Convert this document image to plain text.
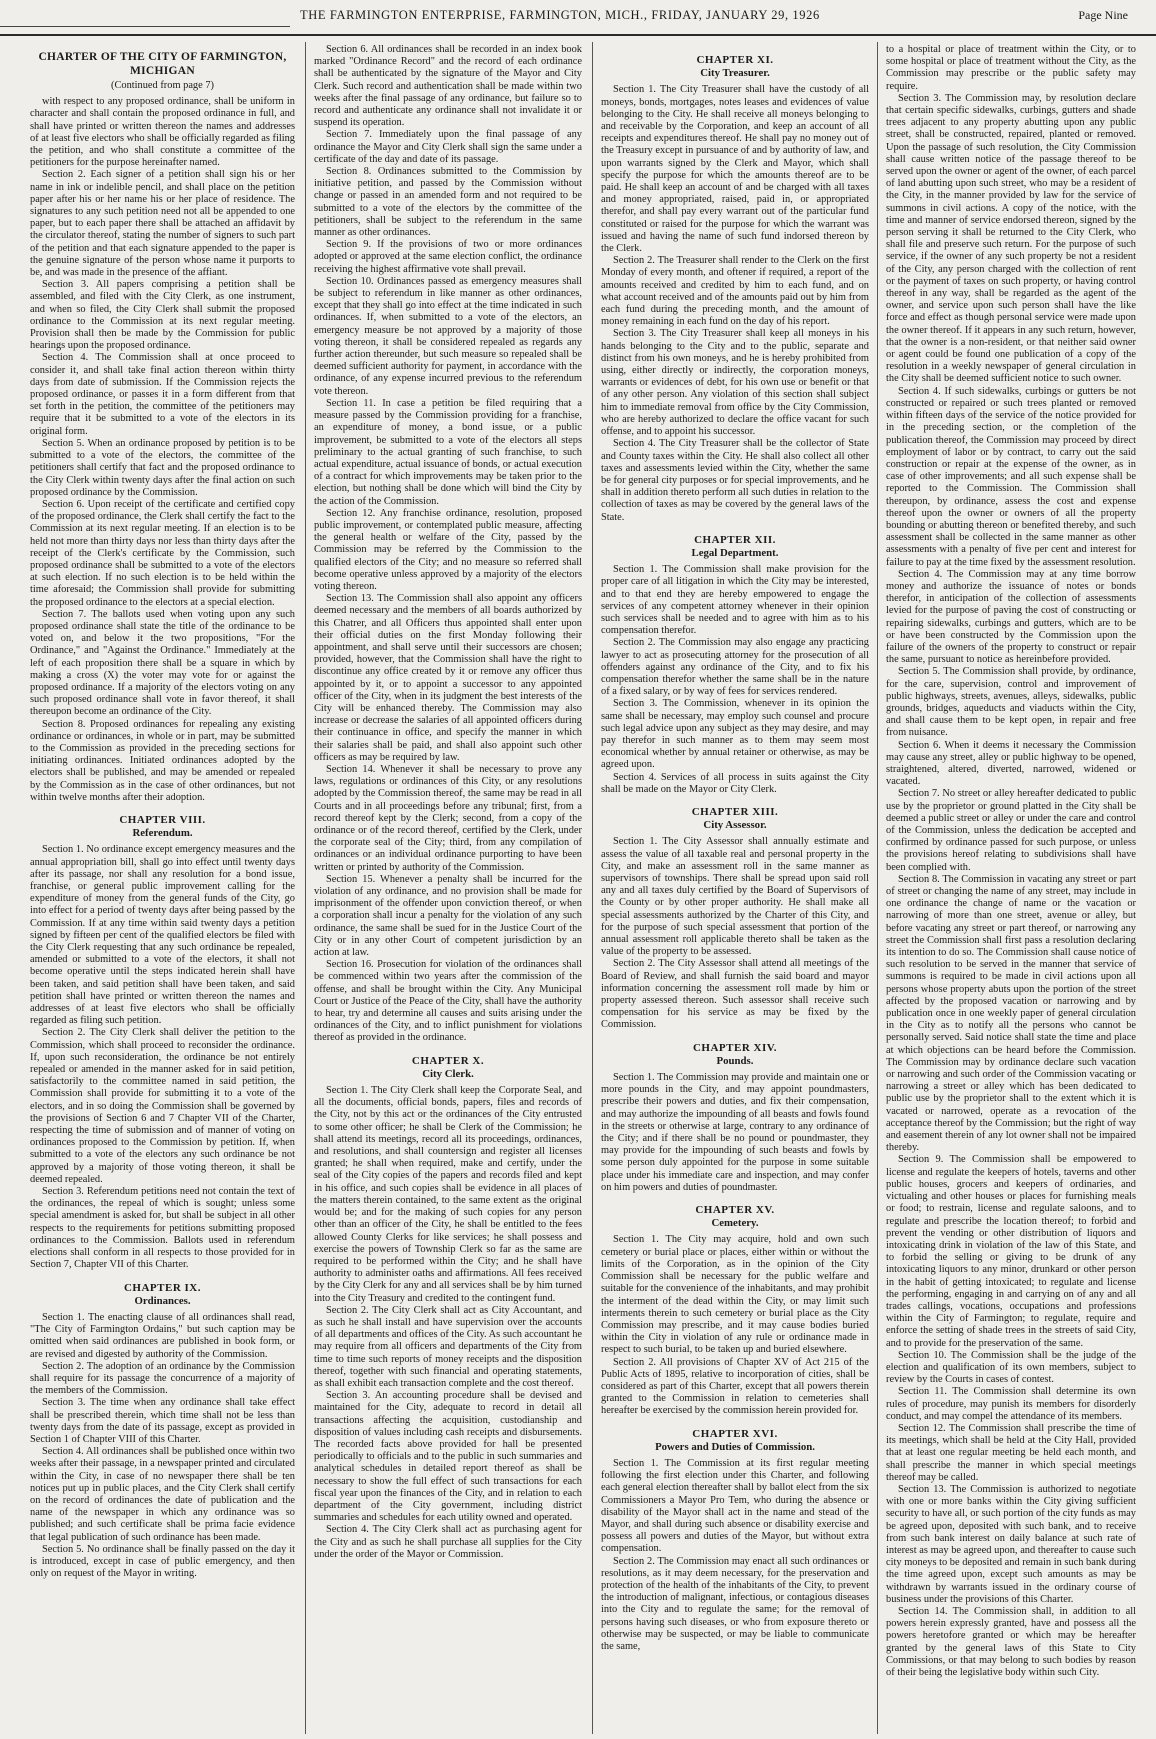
THE FARMINGTON ENTERPRISE, FARMINGTON, MICH., FRIDAY, JANUARY 29, 1926	Page Nine
CHARTER OF THE CITY OF FARMINGTON, MICHIGAN
(Continued from page 7)

with respect to any proposed ordinance, shall be uniform in character and shall contain the proposed ordinance in full, and shall have printed or written thereon the names and addresses of at least five electors who shall be officially regarded as filing the petition, and who shall constitute a committee of the petitioners for the purpose hereinafter named.

Section 2. Each signer of a petition shall sign his or her name in ink or indelible pencil, and shall place on the petition paper after his or her name his or her place of residence. The signatures to any such petition need not all be appended to one paper, but to each paper there shall be attached an affidavit by the circulator thereof, stating the number of signers to such part of the petition and that each signature appended to the paper is the genuine signature of the person whose name it purports to be, and was made in the presence of the affiant.

Section 3. All papers comprising a petition shall be assembled, and filed with the City Clerk, as one instrument, and when so filed, the City Clerk shall submit the proposed ordinance to the Commission at its next regular meeting. Provision shall then be made by the Commission for public hearings upon the proposed ordinance.

Section 4. The Commission shall at once proceed to consider it, and shall take final action thereon within thirty days from date of submission. If the Commission rejects the proposed ordinance, or passes it in a form different from that set forth in the petition, the committee of the petitioners may require that it be submitted to a vote of the electors in its original form.

Section 5. When an ordinance proposed by petition is to be submitted to a vote of the electors, the committee of the petitioners shall certify that fact and the proposed ordinance to the City Clerk within twenty days after the final action on such proposed ordinance by the Commission.

Section 6. Upon receipt of the certificate and certified copy of the proposed ordinance, the Clerk shall certify the fact to the Commission at its next regular meeting. If an election is to be held not more than thirty days nor less than thirty days after the receipt of the Clerk's certificate by the Commission, such proposed ordinance shall be submitted to a vote of the electors at such election. If no such election is to be held within the time aforesaid; the Commission shall provide for submitting the proposed ordinance to the electors at a special election.

Section 7. The ballots used when voting upon any such proposed ordinance shall state the title of the ordinance to be voted on, and below it the two propositions, "For the Ordinance," and "Against the Ordinance." Immediately at the left of each proposition there shall be a square in which by making a cross (X) the voter may vote for or against the proposed ordinance. If a majority of the electors voting on any such proposed ordinance shall vote in favor thereof, it shall thereupon become an ordinance of the City.

Section 8. Proposed ordinances for repealing any existing ordinance or ordinances, in whole or in part, may be submitted to the Commission as provided in the preceding sections for initiating ordinances. Initiated ordinances adopted by the electors shall be published, and may be amended or repealed by the Commission as in the case of other ordinances, but not within twelve months after their adoption.

CHAPTER VIII.
Referendum.

Section 1. No ordinance except emergency measures and the annual appropriation bill, shall go into effect until twenty days after its passage, nor shall any resolution for a bond issue, franchise, or general public improvement calling for the expenditure of money from the general funds of the City, go into effect for a period of twenty days after being passed by the Commission. If at any time within said twenty days a petition signed by fifteen per cent of the qualified electors be filed with the City Clerk requesting that any such ordinance be repealed, amended or submitted to a vote of the electors, it shall not become operative until the steps indicated herein shall have been taken, and said petition shall have been taken, and said petition shall have printed or written thereon the names and addresses of at least five electors who shall be officially regarded as filing such petition.

Section 2. The City Clerk shall deliver the petition to the Commission, which shall proceed to reconsider the ordinance. If, upon such reconsideration, the ordinance be not entirely repealed or amended in the manner asked for in said petition, satisfactorily to the committee named in said petition, the Commission shall provide for submitting it to a vote of the electors, and in so doing the Commission shall be governed by the provisions of Section 6 and 7 Chapter VII of the Charter, respecting the time of submission and of manner of voting on ordinances proposed to the Commission by petition. If, when submitted to a vote of the electors any such ordinance be not approved by a majority of those voting thereon, it shall be deemed repealed.

Section 3. Referendum petitions need not contain the text of the ordinances, the repeal of which is sought; unless some special amendment is asked for, but shall be subject in all other respects to the requirements for petitions submitting proposed ordinances to the Commission. Ballots used in referendum elections shall conform in all respects to those provided for in Section 7, Chapter VII of this Charter.

CHAPTER IX.
Ordinances.

Section 1. The enacting clause of all ordinances shall read, "The City of Farmington Ordains," but such caption may be omitted when said ordinances are published in book form, or are revised and digested by authority of the Commission.

Section 2. The adoption of an ordinance by the Commission shall require for its passage the concurrence of a majority of the members of the Commission.

Section 3. The time when any ordinance shall take effect shall be prescribed therein, which time shall not be less than twenty days from the date of its passage, except as provided in Section 1 of Chapter VIII of this Charter.

Section 4. All ordinances shall be published once within two weeks after their passage, in a newspaper printed and circulated within the City, in case of no newspaper there shall be ten notices put up in public places, and the City Clerk shall certify on the record of ordinances the date of publication and the name of the newspaper in which any ordinance was so published; and such certificate shall be prima facie evidence that legal publication of such ordinance has been made.

Section 5. No ordinance shall be finally passed on the day it is introduced, except in case of public emergency, and then only on request of the Mayor in writing.

Section 6. All ordinances shall be recorded in an index book marked "Ordinance Record" and the record of each ordinance shall be authenticated by the signature of the Mayor and City Clerk. Such record and authentication shall be made within two weeks after the final passage of any ordinance, but failure so to record and authenticate any ordinance shall not invalidate it or suspend its operation.

Section 7. Immediately upon the final passage of any ordinance the Mayor and City Clerk shall sign the same under a certificate of the day and date of its passage.

Section 8. Ordinances submitted to the Commission by initiative petition, and passed by the Commission without change or passed in an amended form and not required to be submitted to a vote of the electors by the committee of the petitioners, shall be subject to the referendum in the same manner as other ordinances.

Section 9. If the provisions of two or more ordinances adopted or approved at the same election conflict, the ordinance receiving the highest affirmative vote shall prevail.

Section 10. Ordinances passed as emergency measures shall be subject to referendum in like manner as other ordinances, except that they shall go into effect at the time indicated in such ordinances. If, when submitted to a vote of the electors, an emergency measure be not approved by a majority of those voting thereon, it shall be considered repealed as regards any further action thereunder, but such measure so repealed shall be deemed sufficient authority for payment, in accordance with the ordinance, of any expense incurred previous to the referendum vote thereon.

Section 11. In case a petition be filed requiring that a measure passed by the Commission providing for a franchise, an expenditure of money, a bond issue, or a public improvement, be submitted to a vote of the electors all steps preliminary to the actual granting of such franchise, to such actual expenditure, actual issuance of bonds, or actual execution of a contract for which improvements may be taken prior to the election, but nothing shall be done which will bind the City by the action of the Commission.

Section 12. Any franchise ordinance, resolution, proposed public improvement, or contemplated public measure, affecting the general health or welfare of the City, passed by the Commission may be referred by the Commission to the qualified electors of the City; and no measure so referred shall become operative unless approved by a majority of the electors voting thereon.

Section 13. The Commission shall also appoint any officers deemed necessary and the members of all boards authorized by this Chatrer, and all Officers thus appointed shall enter upon their official duties on the first Monday following their appointment, and shall serve until their successors are chosen; provided, however, that the Commission shall have the right to discontinue any office created by it or remove any officer thus appointed by it, or to appoint a successor to any appointed officer of the City, when in its judgment the best interests of the City will be enhanced thereby. The Commission may also increase or decrease the salaries of all appointed officers during their continuance in office, and specify the manner in which their salaries shall be paid, and shall also appoint such other officers as may be required by law.

Section 14. Whenever it shall be necessary to prove any laws, regulations or ordinances of this City, or any resolutions adopted by the Commission thereof, the same may be read in all Courts and in all proceedings before any tribunal; first, from a record thereof kept by the Clerk; second, from a copy of the ordinance or of the record thereof, certified by the Clerk, under the corporate seal of the City; third, from any compilation of ordinances or an individual ordinance purporting to have been written or printed by authority of the Commission.

Section 15. Whenever a penalty shall be incurred for the violation of any ordinance, and no provision shall be made for imprisonment of the offender upon conviction thereof, or when a corporation shall incur a penalty for the violation of any such ordinance, the same shall be sued for in the Justice Court of the City or in any other Court of competent jurisdiction by an action at law.

Section 16. Prosecution for violation of the ordinances shall be commenced within two years after the commission of the offense, and shall be brought within the City. Any Municipal Court or Justice of the Peace of the City, shall have the authority to hear, try and determine all causes and suits arising under the ordinances of the City, and to inflict punishment for violations thereof as provided in the ordinance.

CHAPTER X.
City Clerk.

Section 1. The City Clerk shall keep the Corporate Seal, and all the documents, official bonds, papers, files and records of the City, not by this act or the ordinances of the City entrusted to some other officer; he shall be Clerk of the Commission; he shall attend its meetings, record all its proceedings, ordinances, and resolutions, and shall countersign and register all licenses granted; he shall when required, make and certify, under the seal of the City copies of the papers and records filed and kept in his office, and such copies shall be evidence in all places of the matters therein contained, to the same extent as the original would be; and for the making of such copies for any person other than an officer of the City, he shall be entitled to the fees allowed County Clerks for like services; he shall possess and exercise the powers of Township Clerk so far as the same are required to be performed within the City; and he shall have authority to administer oaths and affirmations. All fees received by the City Clerk for any and all services shall be by him turned into the City Treasury and credited to the contingent fund.

Section 2. The City Clerk shall act as City Accountant, and as such he shall install and have supervision over the accounts of all departments and offices of the City. As such accountant he may require from all officers and departments of the City from time to time such reports of money receipts and the disposition thereof, together with such financial and operating statements, as shall exhibit each transaction complete and the cost thereof.

Section 3. An accounting procedure shall be devised and maintained for the City, adequate to record in detail all transactions affecting the acquisition, custodianship and disposition of values including cash receipts and disbursements. The recorded facts above provided for hall be presented periodically to officials and to the public in such summaries and analytical schedules in detailed report thereof as shall be necessary to show the full effect of such transactions for each fiscal year upon the finances of the City, and in relation to each department of the City government, including district summaries and schedules for each utility owned and operated.

Section 4. The City Clerk shall act as purchasing agent for the City and as such he shall purchase all supplies for the City under the order of the Mayor or Commission.

CHAPTER XI.
City Treasurer.

Section 1. The City Treasurer shall have the custody of all moneys, bonds, mortgages, notes leases and evidences of value belonging to the City. He shall receive all moneys belonging to and receivable by the Corporation, and keep an account of all receipts and expenditures thereof. He shall pay no money out of the Treasury except in pursuance of and by authority of law, and upon warrants signed by the Clerk and Mayor, which shall specify the purpose for which the amounts thereof are to be paid. He shall keep an account of and be charged with all taxes and money appropriated, raised, paid in, or appropriated therefor, and shall pay every warrant out of the particular fund constituted or raised for the purpose for which the warrant was issued and having the name of such fund indorsed thereon by the Clerk.

Section 2. The Treasurer shall render to the Clerk on the first Monday of every month, and oftener if required, a report of the amounts received and credited by him to each fund, and on what account received and of the amounts paid out by him from each fund during the preceding month, and the amount of money remaining in each fund on the day of his report.

Section 3. The City Treasurer shall keep all moneys in his hands belonging to the City and to the public, separate and distinct from his own moneys, and he is hereby prohibited from using, either directly or indirectly, the corporation moneys, warrants or evidences of debt, for his own use or benefit or that of any other person. Any violation of this section shall subject him to immediate removal from office by the City Commission, who are hereby authorized to declare the office vacant for such offense, and to appoint his successor.

Section 4. The City Treasurer shall be the collector of State and County taxes within the City. He shall also collect all other taxes and assessments levied within the City, whether the same be for general city purposes or for special improvements, and he shall in addition thereto perform all such duties in relation to the collection of taxes as may be covered by the general laws of the State.

CHAPTER XII.
Legal Department.

Section 1. The Commission shall make provision for the proper care of all litigation in which the City may be interested, and to that end they are hereby empowered to engage the services of any competent attorney whenever in their opinion such services shall be needed and to agree with him as to his compensation therefor.

Section 2. The Commission may also engage any practicing lawyer to act as prosecuting attorney for the prosecution of all offenders against any ordinance of the City, and to fix his compensation therefor whether the same shall be in the nature of a fixed salary, or by way of fees for services rendered.

Section 3. The Commission, whenever in its opinion the same shall be necessary, may employ such counsel and procure such legal advice upon any subject as they may desire, and may pay therefor in such manner as to them may seem most economical whether by annual retainer or otherwise, as may be agreed upon.

Section 4. Services of all process in suits against the City shall be made on the Mayor or City Clerk.

CHAPTER XIII.
City Assessor.

Section 1. The City Assessor shall annually estimate and assess the value of all taxable real and personal property in the City, and make an assessment roll in the same manner as supervisors of townships. There shall be spread upon said roll any and all taxes duly certified by the Board of Supervisors of the County or by other proper authority. He shall make all special assessments authorized by the Charter of this City, and for the purpose of such special assessment that portion of the annual assessment roll applicable thereto shall be taken as the value of the property to be assessed.

Section 2. The City Assessor shall attend all meetings of the Board of Review, and shall furnish the said board and mayor information concerning the assessment roll made by him or property assessed thereon. Such assessor shall receive such compensation for his service as may be fixed by the Commission.

CHAPTER XIV.
Pounds.

Section 1. The Commission may provide and maintain one or more pounds in the City, and may appoint poundmasters, prescribe their powers and duties, and fix their compensation, and may authorize the impounding of all beasts and fowls found in the streets or otherwise at large, contrary to any ordinance of the City; and if there shall be no pound or poundmaster, they may provide for the impounding of such beasts and fowls by some person duly appointed for the purpose in some suitable place under his immediate care and inspection, and may confer on him powers and duties of poundmaster.

CHAPTER XV.
Cemetery.

Section 1. The City may acquire, hold and own such cemetery or burial place or places, either within or without the limits of the Corporation, as in the opinion of the City Commission shall be necessary for the public welfare and suitable for the convenience of the inhabitants, and may prohibit the interment of the dead within the City, or may limit such interments therein to such cemetery or burial place as the City Commission may prescribe, and it may cause bodies buried within the City in violation of any rule or ordinance made in respect to such burial, to be taken up and buried elsewhere.

Section 2. All provisions of Chapter XV of Act 215 of the Public Acts of 1895, relative to incorporation of cities, shall be considered as part of this Charter, except that all powers therein granted to the Commission in relation to cemeteries shall hereafter be exercised by the commission herein provided for.

CHAPTER XVI.
Powers and Duties of Commission.

Section 1. The Commission at its first regular meeting following the first election under this Charter, and following each general election thereafter shall by ballot elect from the six Commissioners a Mayor Pro Tem, who during the absence or disability of the Mayor shall act in the name and stead of the Mayor, and shall during such absence or disability exercise and possess all powers and duties of the Mayor, but without extra compensation.

Section 2. The Commission may enact all such ordinances or resolutions, as it may deem necessary, for the preservation and protection of the health of the inhabitants of the City, to prevent the introduction of malignant, infectious, or contagious diseases into the City and to regulate the same; for the removal of persons having such diseases, or who from exposure thereto or otherwise may be suspected, or may be liable to communicate the same,

to a hospital or place of treatment within the City, or to some hospital or place of treatment without the City, as the Commission may prescribe or the public safety may require.

Section 3. The Commission may, by resolution declare that certain specific sidewalks, curbings, gutters and shade trees adjacent to any property abutting upon any public street, shall be constructed, repaired, planted or removed. Upon the passage of such resolution, the City Commission shall cause written notice of the passage thereof to be served upon the owner or agent of the owner, of each parcel of land abutting upon such street, who may be a resident of the City, in the manner provided by law for the service of summons in civil actions. A copy of the notice, with the time and manner of service endorsed thereon, signed by the person serving it shall be returned to the City Clerk, who shall file and preserve such return. For the purpose of such service, if the owner of any such property be not a resident of the City, any person charged with the collection of rent or the payment of taxes on such property, or having control thereof in any way, shall be regarded as the agent of the owner, and service upon such person shall have the like force and effect as though personal service were made upon the owner thereof. If it appears in any such return, however, that the owner is a non-resident, or that neither said owner or agent could be found one publication of a copy of the resolution in a weekly newspaper of general circulation in the City shall be deemed sufficient notice to such owner.

Section 4. If such sidewalks, curbings or gutters be not constructed or repaired or such trees planted or removed within fifteen days of the service of the notice provided for in the preceding section, or the completion of the publication thereof, the Commission may proceed by direct employment of labor or by contract, to carry out the said construction or repair at the expense of the owner, as in case of other improvements; and all such expense shall be reported to the Commission. The Commission shall thereupon, by ordinance, assess the cost and expense thereof upon the owner or owners of all the property bounding or abutting thereon or benefited thereby, and such assessment shall be collected in the same manner as other assessments with a penalty of five per cent and interest for failure to pay at the time fixed by the assessment resolution.

Section 4. The Commission may at any time borrow money and authorize the issuance of notes or bonds therefor, in anticipation of the collection of assessments levied for the purpose of paving the cost of constructing or repairing sidewalks, curbings and gutters, which are to be or have been constructed by the Commission upon the failure of the owners of the property to construct or repair the same, pursuant to notice as hereinbefore provided.

Section 5. The Commission shall provide, by ordinance, for the care, supervision, control and improvement of public highways, streets, avenues, alleys, sidewalks, public grounds, bridges, aqueducts and viaducts within the City, and shall cause them to be kept open, in repair and free from nuisance.

Section 6. When it deems it necessary the Commission may cause any street, alley or public highway to be opened, straightened, altered, diverted, narrowed, widened or vacated.

Section 7. No street or alley hereafter dedicated to public use by the proprietor or ground platted in the City shall be deemed a public street or alley or under the care and control of the Commission, unless the dedication be accepted and confirmed by ordinance passed for such purpose, or unless the provisions hereof relating to subdivisions shall have been complied with.

Section 8. The Commission in vacating any street or part of street or changing the name of any street, may include in one ordinance the change of name or the vacation or narrowing of more than one street, avenue or alley, but before vacating any street or part thereof, or narrowing any street the Commission shall first pass a resolution declaring its intention to do so. The Commission shall cause notice of such resolution to be served in the manner that service of summons is required to be made in civil actions upon all persons whose property abuts upon the portion of the street affected by the proposed vacation or narrowing and by publication once in one weekly paper of general circulation in the City as to notify all the persons who cannot be personally served. Said notice shall state the time and place at which objections can be heard before the Commission. The Commission may by ordinance declare such vacation or narrowing and such order of the Commission vacating or narrowing a street or alley which has been dedicated to public use by the proprietor shall to the extent which it is vacated or narrowed, operate as a revocation of the acceptance thereof by the Commission; but the right of way and easement therein of any lot owner shall not be impaired thereby.

Section 9. The Commission shall be empowered to license and regulate the keepers of hotels, taverns and other public houses, grocers and keepers of ordinaries, and victualing and other houses or places for furnishing meals or food; to restrain, license and regulate saloons, and to regulate and prescribe the location thereof; to forbid and prevent the vending or other distribution of liquors and intoxicating drink in violation of the law of this State, and to forbid the selling or giving to be drunk of any intoxicating liquors to any minor, drunkard or other person in the habit of getting intoxicated; to regulate and license the performing, engaging in and carrying on of any and all trades callings, vocations, occupations and professions within the City of Farmington; to regulate, require and enforce the setting of shade trees in the streets of said City, and to provide for the preservation of the same.

Section 10. The Commission shall be the judge of the election and qualification of its own members, subject to review by the Courts in cases of contest.

Section 11. The Commission shall determine its own rules of procedure, may punish its members for disorderly conduct, and may compel the attendance of its members.

Section 12. The Commission shall prescribe the time of its meetings, which shall be held at the City Hall, provided that at least one regular meeting be held each month, and shall prescribe the manner in which special meetings thereof may be called.

Section 13. The Commission is authorized to negotiate with one or more banks within the City giving sufficient security to have all, or such portion of the city funds as may be agreed upon, deposited with such bank, and to receive from such bank interest on daily balance at such rate of interest as may be agreed upon, and thereafter to cause such city moneys to be deposited and remain in such bank during the time agreed upon, except such amounts as may be withdrawn by warrants issued in the ordinary course of business under the provisions of this Charter.

Section 14. The Commission shall, in addition to all powers herein expressly granted, have and possess all the powers heretofore granted or which may be hereafter granted by the general laws of this State to City Commissions, or that may belong to such bodies by reason of their being the legislative body within such City.
